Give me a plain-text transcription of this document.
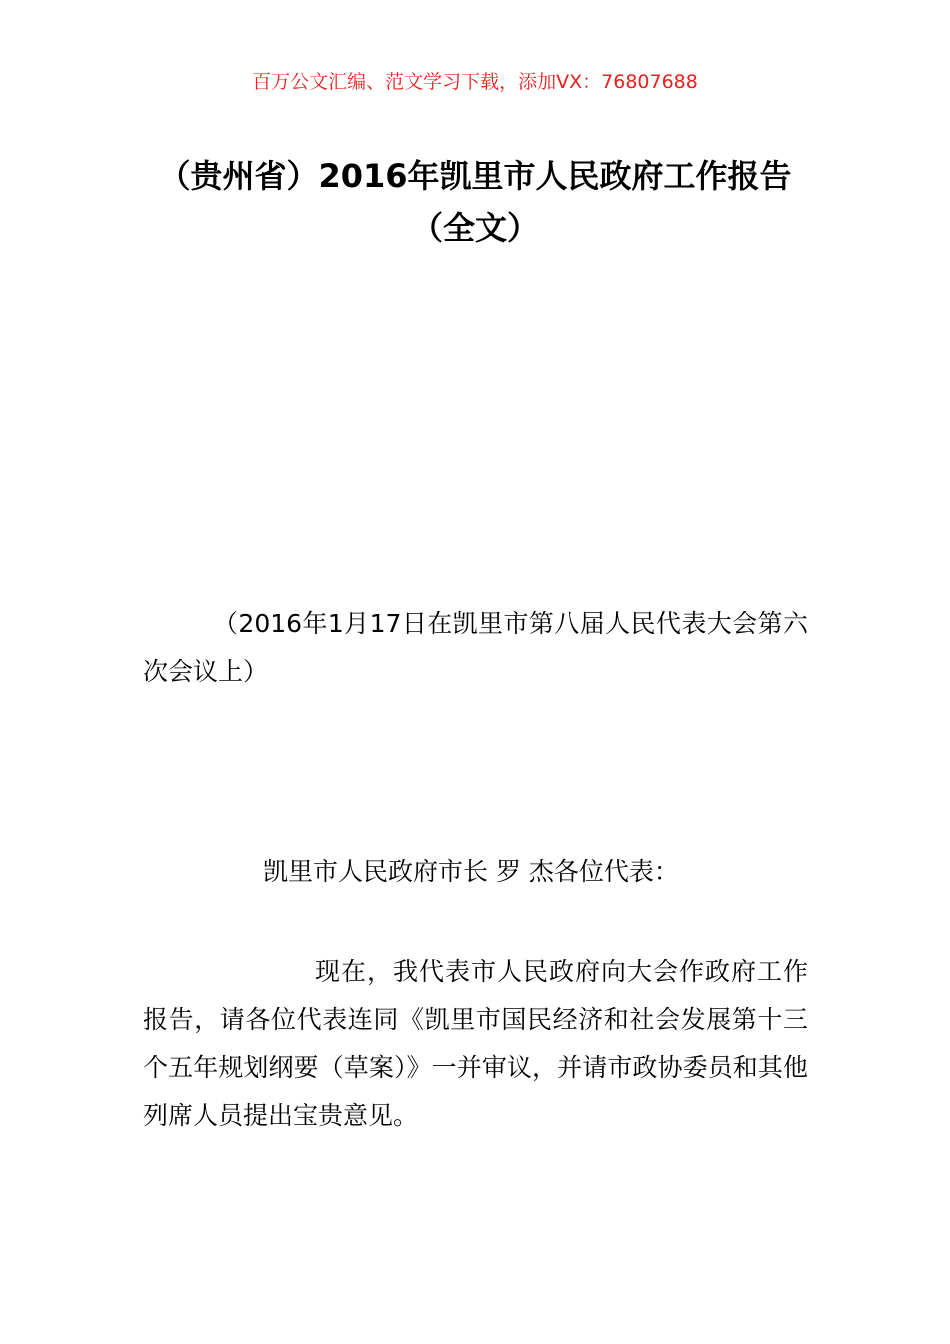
百万公文汇编、范文学习下载，添加VX：76807688
（贵州省）2016年凯里市人民政府工作报告（全文）
（2016年1月17日在凯里市第八届人民代表大会第六次会议上）
凯里市人民政府市长 罗 杰各位代表：
现在，我代表市人民政府向大会作政府工作报告，请各位代表连同《凯里市国民经济和社会发展第十三个五年规划纲要（草案）》一并审议，并请市政协委员和其他列席人员提出宝贵意见。
